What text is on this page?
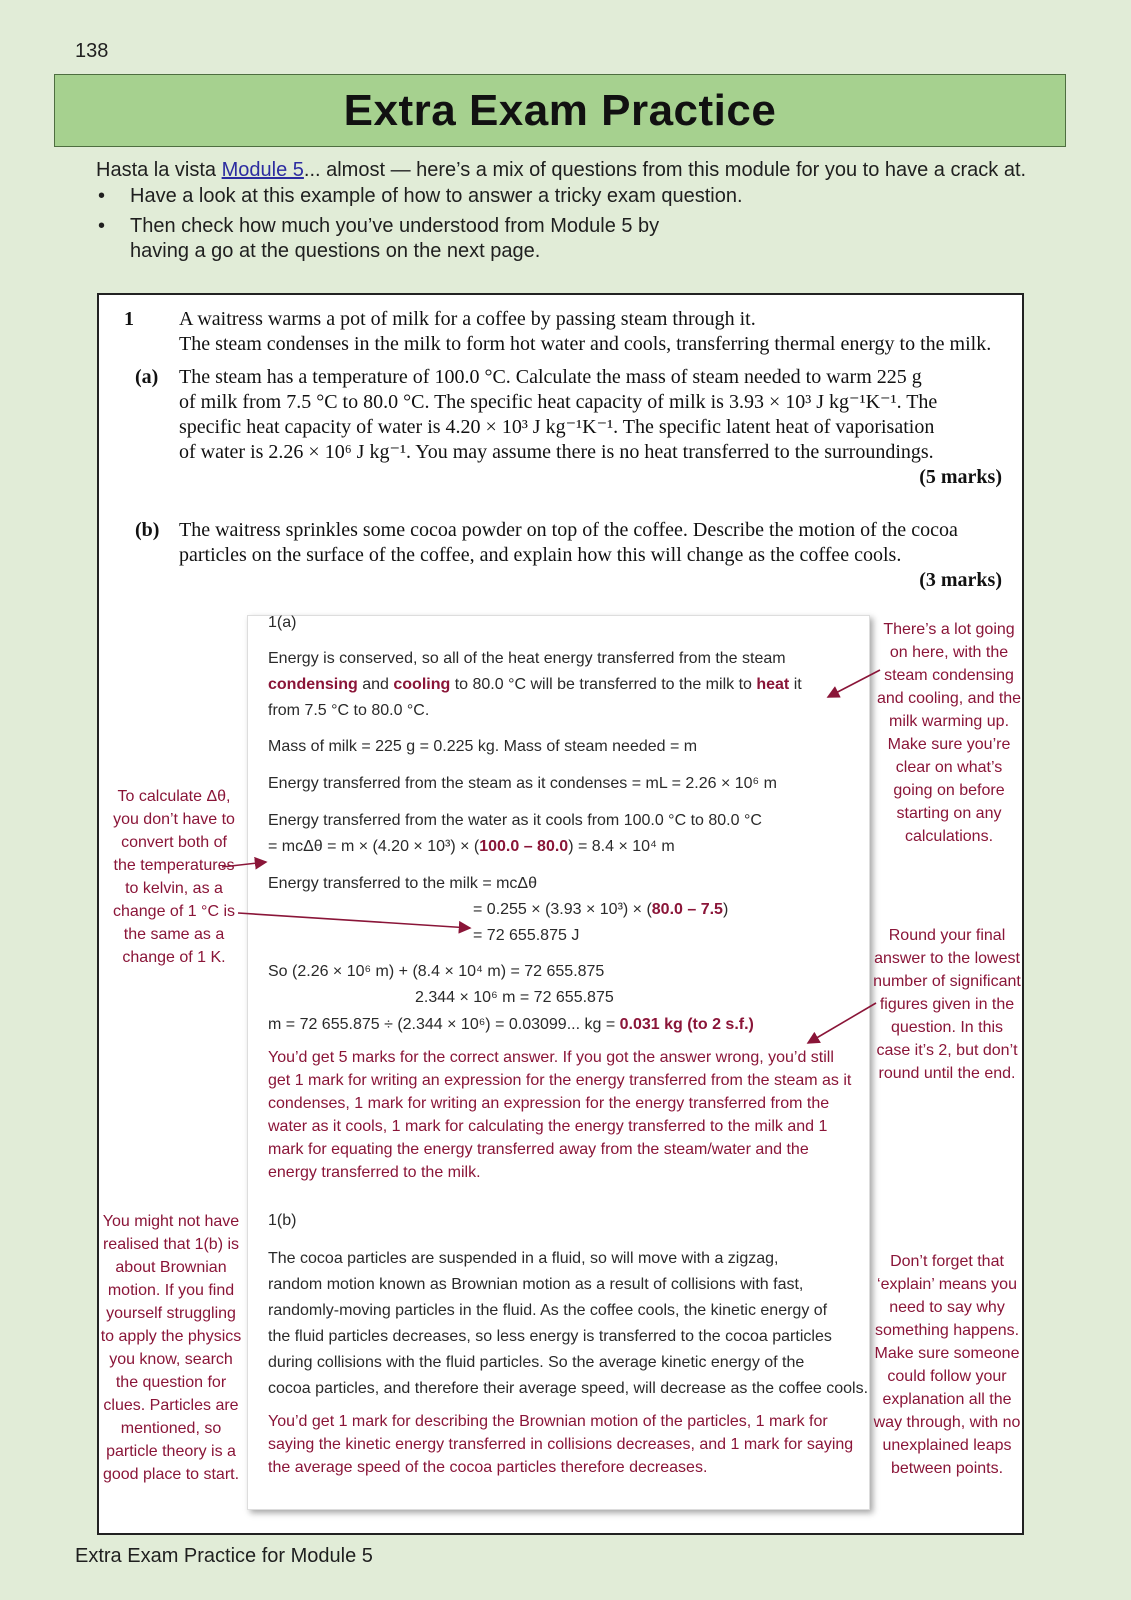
138
Extra Exam Practice
Hasta la vista Module 5... almost — here’s a mix of questions from this module for you to have a crack at.
• Have a look at this example of how to answer a tricky exam question.
• Then check how much you’ve understood from Module 5 by
having a go at the questions on the next page.
1 A waitress warms a pot of milk for a coffee by passing steam through it.
The steam condenses in the milk to form hot water and cools, transferring thermal energy to the milk.
(a) The steam has a temperature of 100.0 °C. Calculate the mass of steam needed to warm 225 g
of milk from 7.5 °C to 80.0 °C. The specific heat capacity of milk is 3.93 × 10³ J kg⁻¹K⁻¹. The
specific heat capacity of water is 4.20 × 10³ J kg⁻¹K⁻¹. The specific latent heat of vaporisation
of water is 2.26 × 10⁶ J kg⁻¹. You may assume there is no heat transferred to the surroundings.
(5 marks)
(b) The waitress sprinkles some cocoa powder on top of the coffee. Describe the motion of the cocoa
particles on the surface of the coffee, and explain how this will change as the coffee cools.
(3 marks)
1(a)
Energy is conserved, so all of the heat energy transferred from the steam
condensing and cooling to 80.0 °C will be transferred to the milk to heat it
from 7.5 °C to 80.0 °C.
Mass of milk = 225 g = 0.225 kg. Mass of steam needed = m
Energy transferred from the steam as it condenses = mL = 2.26 × 10⁶ m
Energy transferred from the water as it cools from 100.0 °C to 80.0 °C
= mcΔθ = m × (4.20 × 10³) × (100.0 – 80.0) = 8.4 × 10⁴ m
Energy transferred to the milk = mcΔθ
= 0.255 × (3.93 × 10³) × (80.0 – 7.5)
= 72 655.875 J
So (2.26 × 10⁶ m) + (8.4 × 10⁴ m) = 72 655.875
2.344 × 10⁶ m = 72 655.875
m = 72 655.875 ÷ (2.344 × 10⁶) = 0.03099... kg = 0.031 kg (to 2 s.f.)
You’d get 5 marks for the correct answer. If you got the answer wrong, you’d still get 1 mark for writing an expression for the energy transferred from the steam as it condenses, 1 mark for writing an expression for the energy transferred from the water as it cools, 1 mark for calculating the energy transferred to the milk and 1 mark for equating the energy transferred away from the steam/water and the energy transferred to the milk.
1(b)
The cocoa particles are suspended in a fluid, so will move with a zigzag,
random motion known as Brownian motion as a result of collisions with fast,
randomly-moving particles in the fluid. As the coffee cools, the kinetic energy of
the fluid particles decreases, so less energy is transferred to the cocoa particles
during collisions with the fluid particles. So the average kinetic energy of the
cocoa particles, and therefore their average speed, will decrease as the coffee cools.
You’d get 1 mark for describing the Brownian motion of the particles, 1 mark for saying the kinetic energy transferred in collisions decreases, and 1 mark for saying the average speed of the cocoa particles therefore decreases.
There’s a lot going on here, with the steam condensing and cooling, and the milk warming up. Make sure you’re clear on what’s going on before starting on any calculations.
Round your final answer to the lowest number of significant figures given in the question. In this case it’s 2, but don’t round until the end.
Don’t forget that ‘explain’ means you need to say why something happens. Make sure someone could follow your explanation all the way through, with no unexplained leaps between points.
To calculate Δθ, you don’t have to convert both of the temperatures to kelvin, as a change of 1 °C is the same as a change of 1 K.
You might not have realised that 1(b) is about Brownian motion. If you find yourself struggling to apply the physics you know, search the question for clues. Particles are mentioned, so particle theory is a good place to start.
Extra Exam Practice for Module 5
